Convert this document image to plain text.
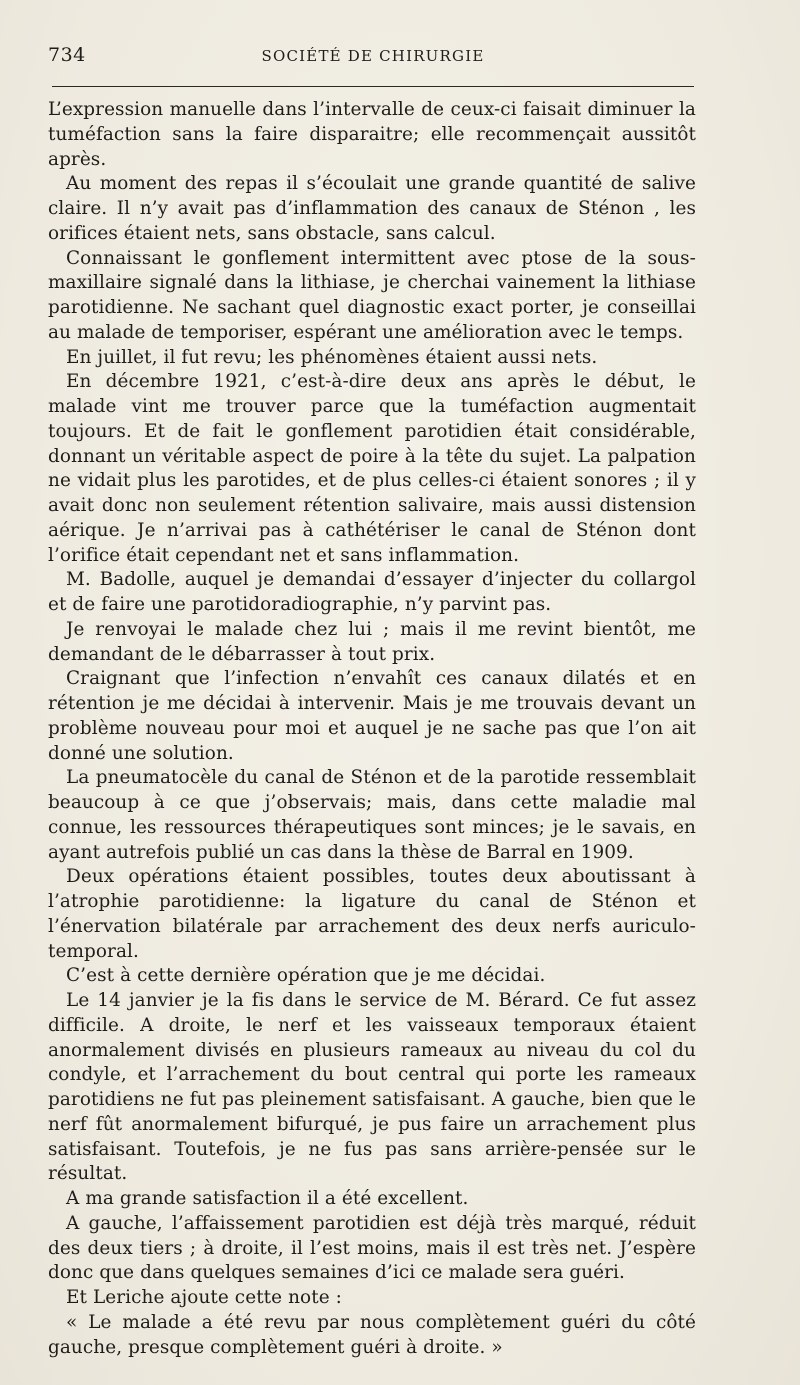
734	SOCIÉTÉ DE CHIRURGIE

L’expression manuelle dans l’intervalle de ceux-ci faisait diminuer la tuméfaction sans la faire disparaitre; elle recommençait aussitôt après.

Au moment des repas il s’écoulait une grande quantité de salive claire. Il n’y avait pas d’inflammation des canaux de Sténon , les orifices étaient nets, sans obstacle, sans calcul.

Connaissant le gonflement intermittent avec ptose de la sous-maxillaire signalé dans la lithiase, je cherchai vainement la lithiase parotidienne. Ne sachant quel diagnostic exact porter, je conseillai au malade de temporiser, espérant une amélioration avec le temps.

En juillet, il fut revu; les phénomènes étaient aussi nets.

En décembre 1921, c’est-à-dire deux ans après le début, le malade vint me trouver parce que la tuméfaction augmentait toujours. Et de fait le gonflement parotidien était considérable, donnant un véritable aspect de poire à la tête du sujet. La palpation ne vidait plus les parotides, et de plus celles-ci étaient sonores ; il y avait donc non seulement rétention salivaire, mais aussi distension aérique. Je n’arrivai pas à cathétériser le canal de Sténon dont l’orifice était cependant net et sans inflammation.

M. Badolle, auquel je demandai d’essayer d’injecter du collargol et de faire une parotidoradiographie, n’y parvint pas.

Je renvoyai le malade chez lui ; mais il me revint bientôt, me demandant de le débarrasser à tout prix.

Craignant que l’infection n’envahît ces canaux dilatés et en rétention je me décidai à intervenir. Mais je me trouvais devant un problème nouveau pour moi et auquel je ne sache pas que l’on ait donné une solution.

La pneumatocèle du canal de Sténon et de la parotide ressemblait beaucoup à ce que j’observais; mais, dans cette maladie mal connue, les ressources thérapeutiques sont minces; je le savais, en ayant autrefois publié un cas dans la thèse de Barral en 1909.

Deux opérations étaient possibles, toutes deux aboutissant à l’atrophie parotidienne: la ligature du canal de Sténon et l’énervation bilatérale par arrachement des deux nerfs auriculo-temporal.

C’est à cette dernière opération que je me décidai.

Le 14 janvier je la fis dans le service de M. Bérard. Ce fut assez difficile. A droite, le nerf et les vaisseaux temporaux étaient anormalement divisés en plusieurs rameaux au niveau du col du condyle, et l’arrachement du bout central qui porte les rameaux parotidiens ne fut pas pleinement satisfaisant. A gauche, bien que le nerf fût anormalement bifurqué, je pus faire un arrachement plus satisfaisant. Toutefois, je ne fus pas sans arrière-pensée sur le résultat.

A ma grande satisfaction il a été excellent.

A gauche, l’affaissement parotidien est déjà très marqué, réduit des deux tiers ; à droite, il l’est moins, mais il est très net. J’espère donc que dans quelques semaines d’ici ce malade sera guéri.

Et Leriche ajoute cette note :

« Le malade a été revu par nous complètement guéri du côté gauche, presque complètement guéri à droite. »
